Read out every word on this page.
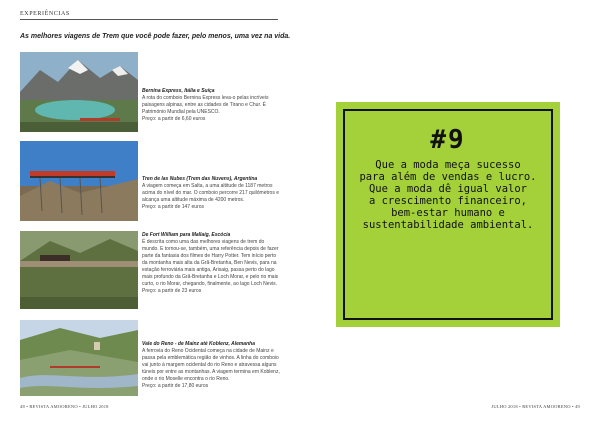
EXPERIÊNCIAS
As melhores viagens de Trem que você pode fazer, pelo menos, uma vez na vida.

Bernina Express, Itália e Suíça

A rota do comboio Bernina Express leva-o pelas incríveis paisagens alpinas, entre as cidades de Tirano e Chur. É Património Mundial pela UNESCO.

Preço: a partir de 6,60 euros

Tren de las Nubes (Trem das Nuvens), Argentina

A viagem começa em Salta, a uma altitude de 1187 metros acima do nível do mar. O comboio percorre 217 quilómetros e alcança uma altitude máxima de 4200 metros.

Preço: a partir de 147 euros

De Fort William para Mallaig, Escócia

É descrita como uma das melhores viagens de trem do mundo. E tornou-se, também, uma referência depois de fazer parte da fantasia dos filmes de Harry Potter. Tem início perto da montanha mais alta da Grã-Bretanha, Ben Nevis, para na estação ferroviária mais antiga, Arisaig, passa perto do lago mais profundo da Grã-Bretanha e Loch Morar, e pelo rio mais curto, o rio Morar, chegando, finalmente, ao lago Loch Nevis.

Preço: a partir de 23 euros

Vale do Reno - de Mainz até Koblenz, Alemanha

A ferrovia do Reno Ocidental começa na cidade de Mainz e passa pela emblemática região de vinhos. A linha do comboio vai junto à margem ocidental do rio Reno e atravessa alguns túneis por entre as montanhas. A viagem termina em Koblenz, onde o rio Moselle encontra o rio Reno.

Preço: a partir de 17,80 euros

48 • REVISTA AMOORENO • JULHO 2018
#9
Que a moda meça sucesso
para além de vendas e lucro.
Que a moda dê igual valor
a crescimento financeiro,
bem-estar humano e
sustentabilidade ambiental.
JULHO 2018 • REVISTA AMOORENO • 49
